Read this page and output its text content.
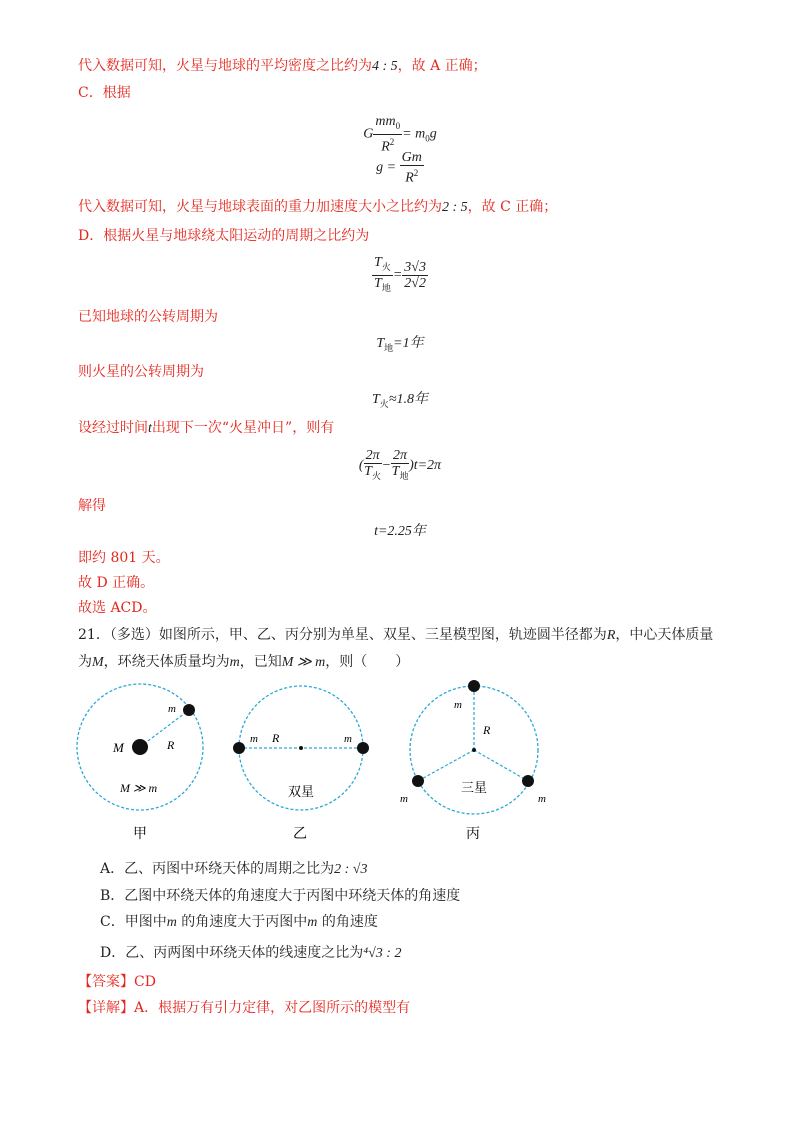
代入数据可知，火星与地球的平均密度之比约为4 : 5，故 A 正确；
C．根据
G $\frac{mm_0}{R^2} = m_0g$
$g = \frac{Gm}{R^2}$
代入数据可知，火星与地球表面的重力加速度大小之比约为2 : 5，故 C 正确；
D．根据火星与地球绕太阳运动的周期之比约为
$\frac{T_火}{T_地} = \frac{3√3}{2√2}$
已知地球的公转周期为
$T_地=1$年
则火星的公转周期为
$T_火\approx 1.8$年
设经过时间t出现下一次“火星冲日”，则有
( $\frac{2\pi}{T_火} - \frac{2\pi}{T_地} )t=2\pi$
解得
t=2.25年
即约 801 天。
故 D 正确。
故选 ACD。
21．（多选）如图所示，甲、乙、丙分别为单星、双星、三星模型图，轨迹圆半径都为R，中心天体质量
为M，环绕天体质量均为m，已知M ≫ m，则（　　）
M
m
R
M ≫ m
甲
m	m
R
双星
乙
m
m	m
R
三星
丙
A．乙、丙图中环绕天体的周期之比为2 : √3
B．乙图中环绕天体的角速度大于丙图中环绕天体的角速度
C．甲图中m 的角速度大于丙图中m 的角速度
D．乙、丙两图中环绕天体的线速度之比为⁴√3 : 2
【答案】CD
【详解】A．根据万有引力定律，对乙图所示的模型有
